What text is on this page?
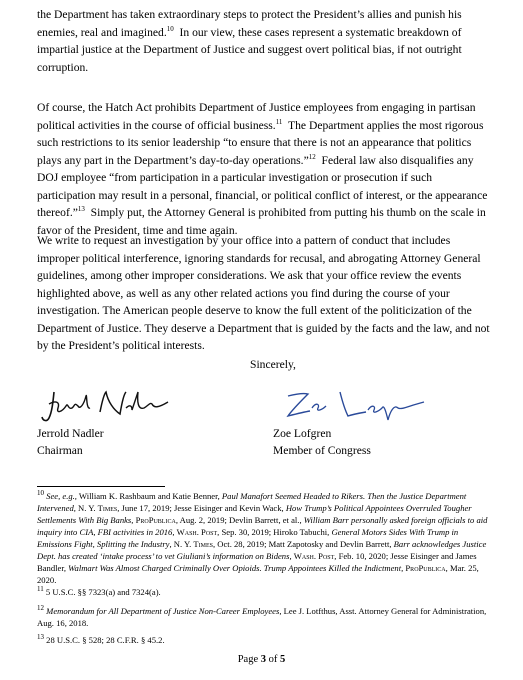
the Department has taken extraordinary steps to protect the President’s allies and punish his enemies, real and imagined.$^{10}$ In our view, these cases represent a systematic breakdown of impartial justice at the Department of Justice and suggest overt political bias, if not outright corruption.

Of course, the Hatch Act prohibits Department of Justice employees from engaging in partisan political activities in the course of official business.$^{11}$ The Department applies the most rigorous such restrictions to its senior leadership “to ensure that there is not an appearance that politics plays any part in the Department’s day-to-day operations.”$^{12}$ Federal law also disqualifies any DOJ employee “from participation in a particular investigation or prosecution if such participation may result in a personal, financial, or political conflict of interest, or the appearance thereof.”$^{13}$ Simply put, the Attorney General is prohibited from putting his thumb on the scale in favor of the President, time and time again.

We write to request an investigation by your office into a pattern of conduct that includes improper political interference, ignoring standards for recusal, and abrogating Attorney General guidelines, among other improper considerations. We ask that your office review the events highlighted above, as well as any other related actions you find during the course of your investigation. The American people deserve to know the full extent of the politicization of the Department of Justice. They deserve a Department that is guided by the facts and the law, and not by the President’s political interests.

Sincerely,

Jerrold Nadler
Chairman
Zoe Lofgren
Member of Congress

$^{10}$ See, e.g., William K. Rashbaum and Katie Benner, Paul Manafort Seemed Headed to Rikers. Then the Justice Department Intervened, N. Y. Times, June 17, 2019; Jesse Eisinger and Kevin Wack, How Trump’s Political Appointees Overruled Tougher Settlements With Big Banks, ProPublica, Aug. 2, 2019; Devlin Barrett, et al., William Barr personally asked foreign officials to aid inquiry into CIA, FBI activities in 2016, Wash. Post, Sep. 30, 2019; Hiroko Tabuchi, General Motors Sides With Trump in Emissions Fight, Splitting the Industry, N. Y. Times, Oct. 28, 2019; Matt Zapotosky and Devlin Barrett, Barr acknowledges Justice Dept. has created ‘intake process’ to vet Giuliani’s information on Bidens, Wash. Post, Feb. 10, 2020; Jesse Eisinger and James Bandler, Walmart Was Almost Charged Criminally Over Opioids. Trump Appointees Killed the Indictment, ProPublica, Mar. 25, 2020.

$^{11}$ 5 U.S.C. §§ 7323(a) and 7324(a).

$^{12}$ Memorandum for All Department of Justice Non-Career Employees, Lee J. Lotfthus, Asst. Attorney General for Administration, Aug. 16, 2018.

$^{13}$ 28 U.S.C. § 528; 28 C.F.R. § 45.2.

Page 3 of 5
